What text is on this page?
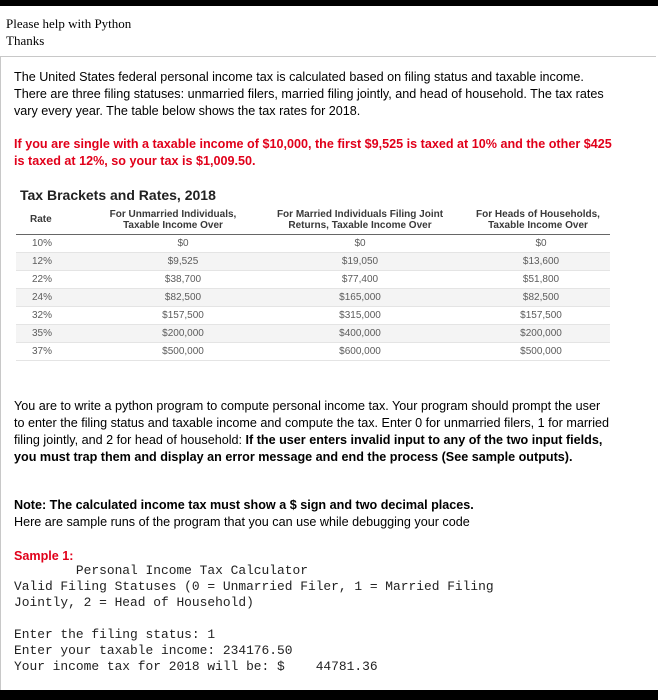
Please help with Python
Thanks
The United States federal personal income tax is calculated based on filing status and taxable income. There are three filing statuses: unmarried filers, married filing jointly, and head of household. The tax rates vary every year. The table below shows the tax rates for 2018.
If you are single with a taxable income of $10,000, the first $9,525 is taxed at 10% and the other $425 is taxed at 12%, so your tax is $1,009.50.
Tax Brackets and Rates, 2018
Rate	For Unmarried Individuals, Taxable Income Over	For Married Individuals Filing Joint Returns, Taxable Income Over	For Heads of Households, Taxable Income Over
10%	$0	$0	$0
12%	$9,525	$19,050	$13,600
22%	$38,700	$77,400	$51,800
24%	$82,500	$165,000	$82,500
32%	$157,500	$315,000	$157,500
35%	$200,000	$400,000	$200,000
37%	$500,000	$600,000	$500,000
You are to write a python program to compute personal income tax. Your program should prompt the user to enter the filing status and taxable income and compute the tax. Enter 0 for unmarried filers, 1 for married filing jointly, and 2 for head of household: If the user enters invalid input to any of the two input fields, you must trap them and display an error message and end the process (See sample outputs).
Note: The calculated income tax must show a $ sign and two decimal places.
Here are sample runs of the program that you can use while debugging your code
Sample 1:
Personal Income Tax Calculator
Valid Filing Statuses (0 = Unmarried Filer, 1 = Married Filing
Jointly, 2 = Head of Household)

Enter the filing status: 1
Enter your taxable income: 234176.50
Your income tax for 2018 will be: $    44781.36
